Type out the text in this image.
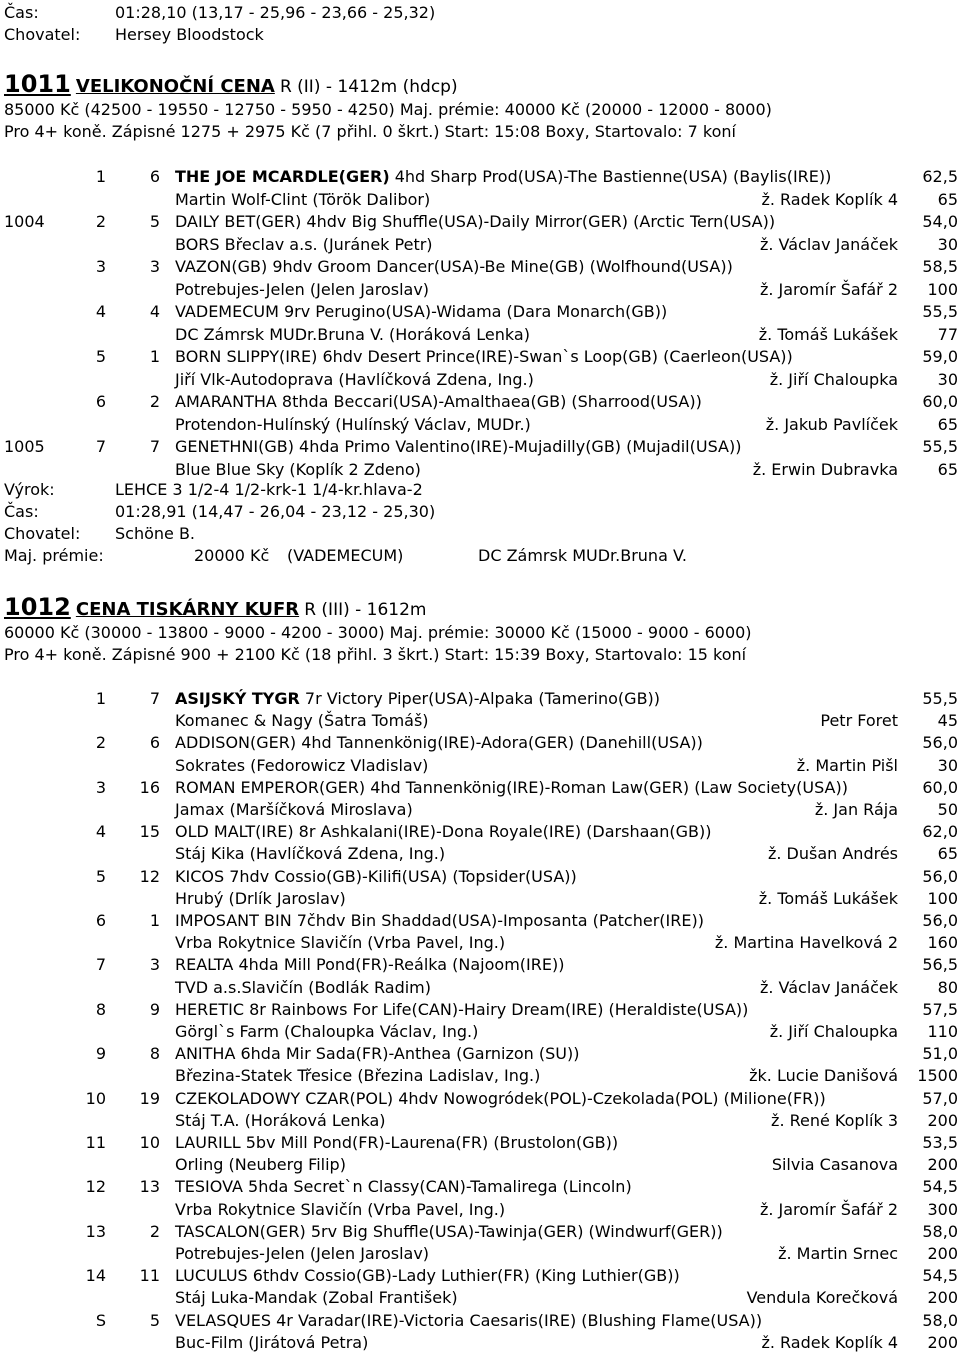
Čas:	01:28,10 (13,17 - 25,96 - 23,66 - 25,32)
Chovatel: Hersey Bloodstock
1011 VELIKONOČNÍ CENA R (II) - 1412m (hdcp)
85000 Kč (42500 - 19550 - 12750 - 5950 - 4250) Maj. prémie: 40000 Kč (20000 - 12000 - 8000)
Pro 4+ koně. Zápisné 1275 + 2975 Kč (7 přihl. 0 škrt.) Start: 15:08 Boxy, Startovalo: 7 koní
1	6 THE JOE MCARDLE(GER) 4hd Sharp Prod(USA)-The Bastienne(USA) (Baylis(IRE))	62,5
Martin Wolf-Clint (Török Dalibor)	ž. Radek Koplík 4	65
1004	2	5 DAILY BET(GER) 4hdv Big Shuffle(USA)-Daily Mirror(GER) (Arctic Tern(USA))	54,0
BORS Břeclav a.s. (Juránek Petr)	ž. Václav Janáček	30
3	3 VAZON(GB) 9hdv Groom Dancer(USA)-Be Mine(GB) (Wolfhound(USA))	58,5
Potrebujes-Jelen (Jelen Jaroslav)	ž. Jaromír Šafář 2	100
4	4 VADEMECUM 9rv Perugino(USA)-Widama (Dara Monarch(GB))	55,5
DC Zámrsk MUDr.Bruna V. (Horáková Lenka)	ž. Tomáš Lukášek	77
5	1 BORN SLIPPY(IRE) 6hdv Desert Prince(IRE)-Swan`s Loop(GB) (Caerleon(USA))	59,0
Jiří Vlk-Autodoprava (Havlíčková Zdena, Ing.)	ž. Jiří Chaloupka	30
6	2 AMARANTHA 8thda Beccari(USA)-Amalthaea(GB) (Sharrood(USA))	60,0
Protendon-Hulínský (Hulínský Václav, MUDr.)	ž. Jakub Pavlíček	65
1005	7	7 GENETHNI(GB) 4hda Primo Valentino(IRE)-Mujadilly(GB) (Mujadil(USA))	55,5
Blue Blue Sky (Koplík 2 Zdeno)	ž. Erwin Dubravka	65
Výrok:	LEHCE 3 1/2-4 1/2-krk-1 1/4-kr.hlava-2
Čas:	01:28,91 (14,47 - 26,04 - 23,12 - 25,30)
Chovatel: Schöne B.
Maj. prémie:	20000 Kč (VADEMECUM)	DC Zámrsk MUDr.Bruna V.
1012 CENA TISKÁRNY KUFR R (III) - 1612m
60000 Kč (30000 - 13800 - 9000 - 4200 - 3000) Maj. prémie: 30000 Kč (15000 - 9000 - 6000)
Pro 4+ koně. Zápisné 900 + 2100 Kč (18 přihl. 3 škrt.) Start: 15:39 Boxy, Startovalo: 15 koní
1	7 ASIJSKÝ TYGR 7r Victory Piper(USA)-Alpaka (Tamerino(GB))	55,5
Komanec & Nagy (Šatra Tomáš)	Petr Foret	45
2	6 ADDISON(GER) 4hd Tannenkönig(IRE)-Adora(GER) (Danehill(USA))	56,0
Sokrates (Fedorowicz Vladislav)	ž. Martin Pišl	30
3	16 ROMAN EMPEROR(GER) 4hd Tannenkönig(IRE)-Roman Law(GER) (Law Society(USA))	60,0
Jamax (Maršíčková Miroslava)	ž. Jan Rája	50
4	15 OLD MALT(IRE) 8r Ashkalani(IRE)-Dona Royale(IRE) (Darshaan(GB))	62,0
Stáj Kika (Havlíčková Zdena, Ing.)	ž. Dušan Andrés	65
5	12 KICOS 7hdv Cossio(GB)-Kilifi(USA) (Topsider(USA))	56,0
Hrubý (Drlík Jaroslav)	ž. Tomáš Lukášek	100
6	1 IMPOSANT BIN 7čhdv Bin Shaddad(USA)-Imposanta (Patcher(IRE))	56,0
Vrba Rokytnice Slavičín (Vrba Pavel, Ing.)	ž. Martina Havelková 2	160
7	3 REALTA 4hda Mill Pond(FR)-Reálka (Najoom(IRE))	56,5
TVD a.s.Slavičín (Bodlák Radim)	ž. Václav Janáček	80
8	9 HERETIC 8r Rainbows For Life(CAN)-Hairy Dream(IRE) (Heraldiste(USA))	57,5
Görgl`s Farm (Chaloupka Václav, Ing.)	ž. Jiří Chaloupka	110
9	8 ANITHA 6hda Mir Sada(FR)-Anthea (Garnizon (SU))	51,0
Březina-Statek Třesice (Březina Ladislav, Ing.)	žk. Lucie Danišová	1500
10	19 CZEKOLADOWY CZAR(POL) 4hdv Nowogródek(POL)-Czekolada(POL) (Milione(FR))	57,0
Stáj T.A. (Horáková Lenka)	ž. René Koplík 3	200
11	10 LAURILL 5bv Mill Pond(FR)-Laurena(FR) (Brustolon(GB))	53,5
Orling (Neuberg Filip)	Silvia Casanova	200
12	13 TESIOVA 5hda Secret`n Classy(CAN)-Tamalirega (Lincoln)	54,5
Vrba Rokytnice Slavičín (Vrba Pavel, Ing.)	ž. Jaromír Šafář 2	300
13	2 TASCALON(GER) 5rv Big Shuffle(USA)-Tawinja(GER) (Windwurf(GER))	58,0
Potrebujes-Jelen (Jelen Jaroslav)	ž. Martin Srnec	200
14	11 LUCULUS 6thdv Cossio(GB)-Lady Luthier(FR) (King Luthier(GB))	54,5
Stáj Luka-Mandak (Zobal František)	Vendula Korečková	200
S	5 VELASQUES 4r Varadar(IRE)-Victoria Caesaris(IRE) (Blushing Flame(USA))	58,0
Buc-Film (Jirátová Petra)	ž. Radek Koplík 4	200
